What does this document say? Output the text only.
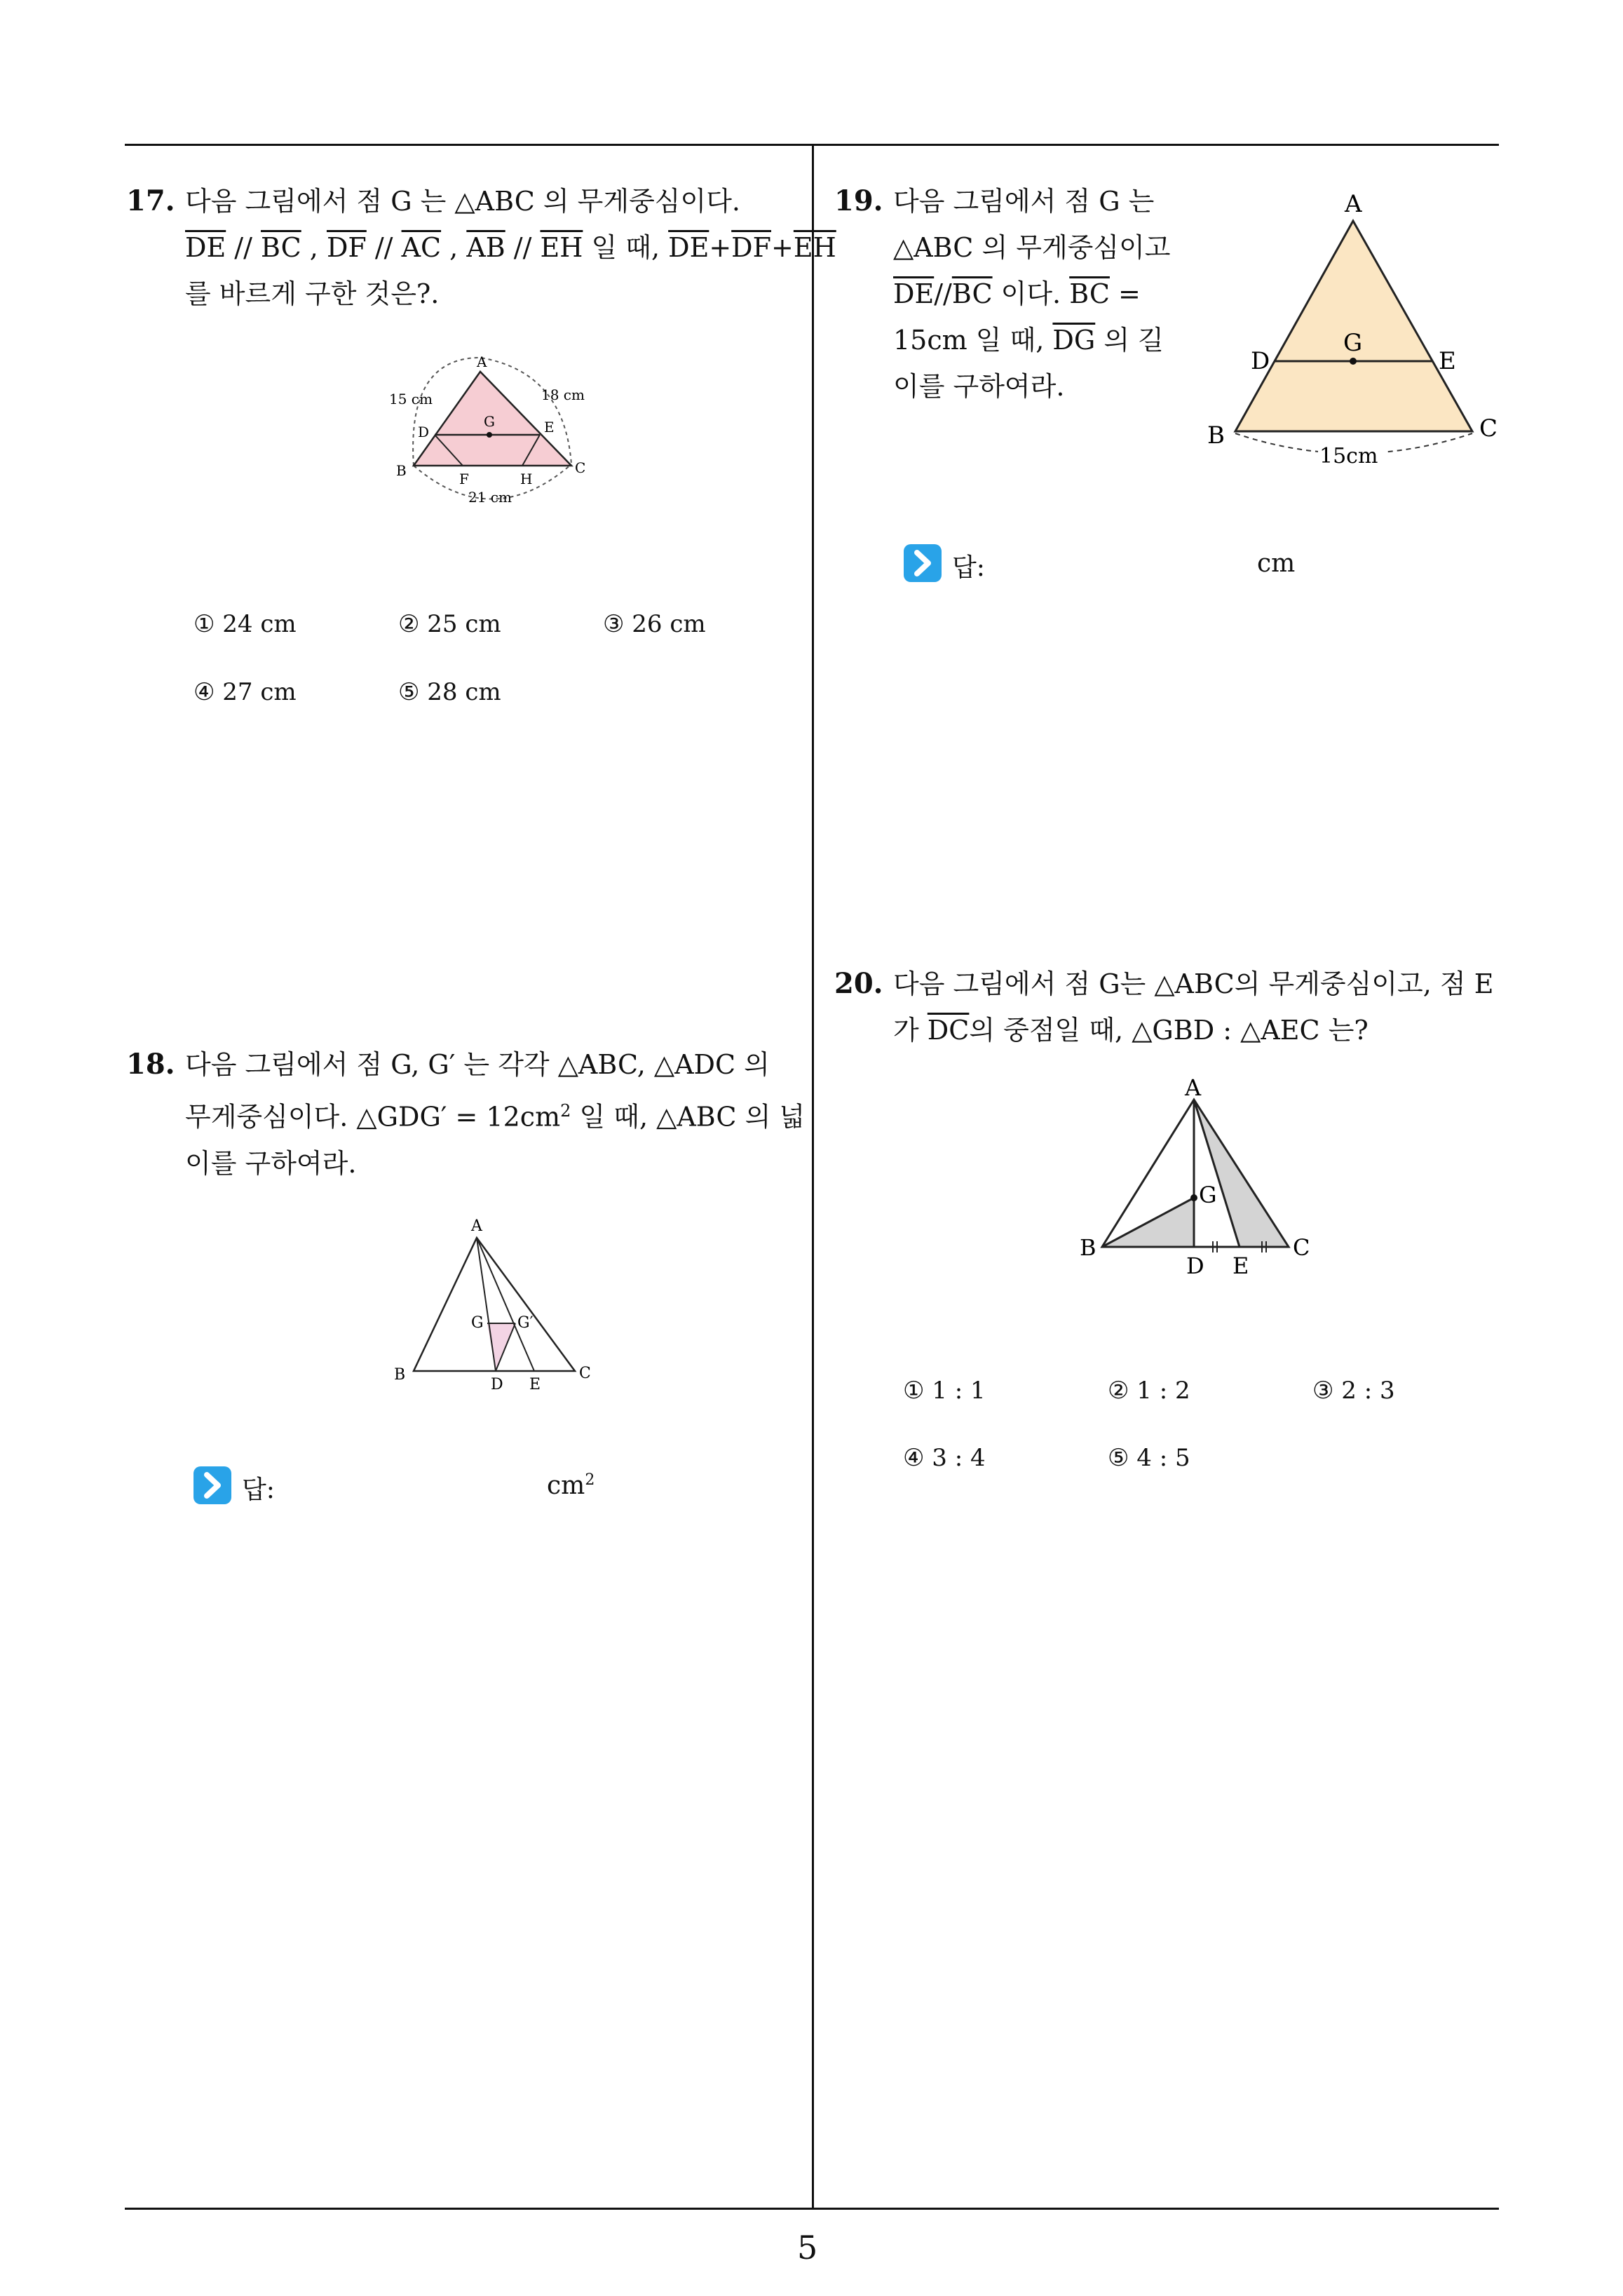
17. 다음 그림에서 점 G 는 △ABC 의 무게중심이다.
$\overline{DE} // \overline{BC}$ , $\overline{DF} // \overline{AC}$ , $\overline{AB} // \overline{EH}$ 일 때, $\overline{DE}+\overline{DF}+\overline{EH}$
를 바르게 구한 것은?.
A
B	C
D	E
F
G
H
15 cm	18 cm
21 cm
① 24 cm	② 25 cm	③ 26 cm
④ 27 cm	⑤ 28 cm
18. 다음 그림에서 점 G, G′ 는 각각 △ABC, △ADC 의
무게중심이다. △GDG′ = $12cm^2$ 일 때, △ABC 의 넓
이를 구하여라.
A
B	C
D E
G G′
답:	$cm^2$
19. 다음 그림에서 점 G 는
△ABC 의 무게중심이고
$\overline{DE}//\overline{BC}$ 이다. $\overline{BC}$ =
15cm 일 때, $\overline{DG}$ 의 길
이를 구하여라.
A
B	C
D	E
G
15cm
답:	cm
20. 다음 그림에서 점 G는 △ABC의 무게중심이고, 점 E
가 $\overline{DC}$의 중점일 때, △GBD : △AEC 는?
A
B	C
D E
G
① 1 : 1	② 1 : 2	③ 2 : 3
④ 3 : 4	⑤ 4 : 5
5
